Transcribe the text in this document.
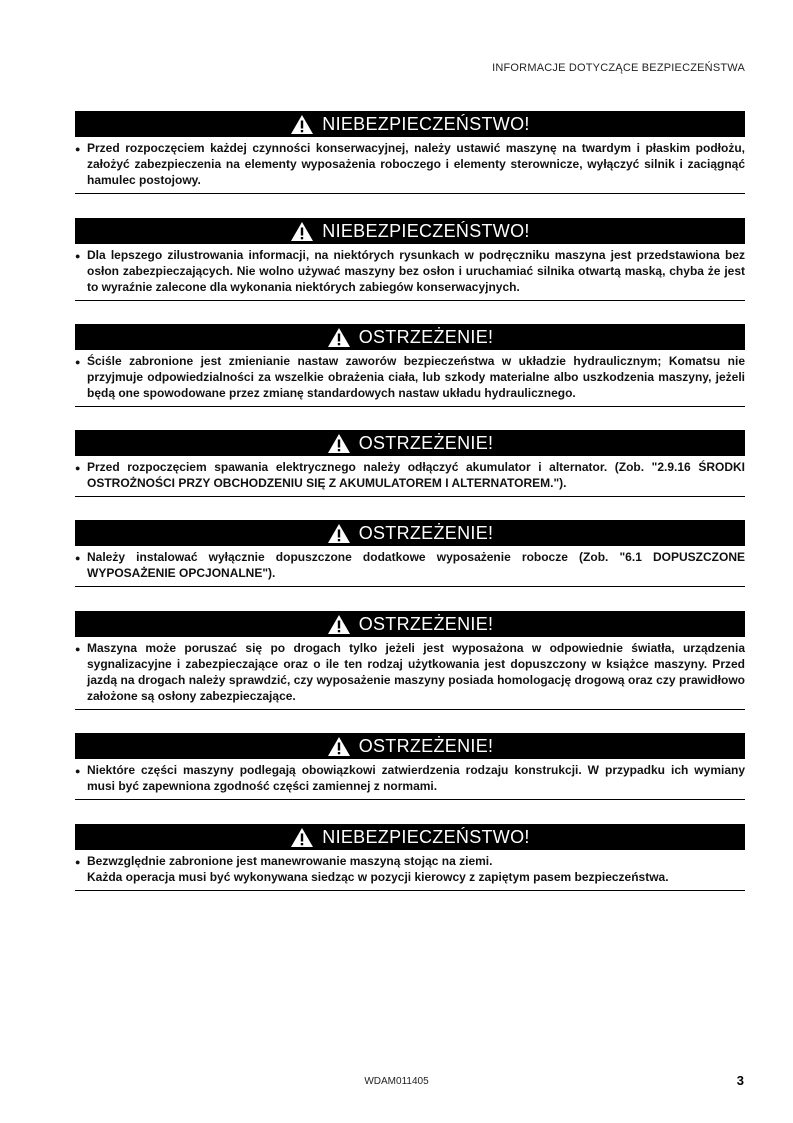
INFORMACJE DOTYCZĄCE BEZPIECZEŃSTWA
NIEBEZPIECZEŃSTWO!
● Przed rozpoczęciem każdej czynności konserwacyjnej, należy ustawić maszynę na twardym i płaskim podłożu, założyć zabezpieczenia na elementy wyposażenia roboczego i elementy sterownicze, wyłączyć silnik i zaciągnąć hamulec postojowy.
NIEBEZPIECZEŃSTWO!
● Dla lepszego zilustrowania informacji, na niektórych rysunkach w podręczniku maszyna jest przedstawiona bez osłon zabezpieczających. Nie wolno używać maszyny bez osłon i uruchamiać silnika otwartą maską, chyba że jest to wyraźnie zalecone dla wykonania niektórych zabiegów konserwacyjnych.
OSTRZEŻENIE!
● Ściśle zabronione jest zmienianie nastaw zaworów bezpieczeństwa w układzie hydraulicznym; Komatsu nie przyjmuje odpowiedzialności za wszelkie obrażenia ciała, lub szkody materialne albo uszkodzenia maszyny, jeżeli będą one spowodowane przez zmianę standardowych nastaw układu hydraulicznego.
OSTRZEŻENIE!
● Przed rozpoczęciem spawania elektrycznego należy odłączyć akumulator i alternator. (Zob. "2.9.16 ŚRODKI OSTROŻNOŚCI PRZY OBCHODZENIU SIĘ Z AKUMULATOREM I ALTERNATOREM.").
OSTRZEŻENIE!
● Należy instalować wyłącznie dopuszczone dodatkowe wyposażenie robocze (Zob. "6.1 DOPUSZCZONE WYPOSAŻENIE OPCJONALNE").
OSTRZEŻENIE!
● Maszyna może poruszać się po drogach tylko jeżeli jest wyposażona w odpowiednie światła, urządzenia sygnalizacyjne i zabezpieczające oraz o ile ten rodzaj użytkowania jest dopuszczony w książce maszyny. Przed jazdą na drogach należy sprawdzić, czy wyposażenie maszyny posiada homologację drogową oraz czy prawidłowo założone są osłony zabezpieczające.
OSTRZEŻENIE!
● Niektóre części maszyny podlegają obowiązkowi zatwierdzenia rodzaju konstrukcji. W przypadku ich wymiany musi być zapewniona zgodność części zamiennej z normami.
NIEBEZPIECZEŃSTWO!
● Bezwzględnie zabronione jest manewrowanie maszyną stojąc na ziemi.
Każda operacja musi być wykonywana siedząc w pozycji kierowcy z zapiętym pasem bezpieczeństwa.
WDAM011405	3
